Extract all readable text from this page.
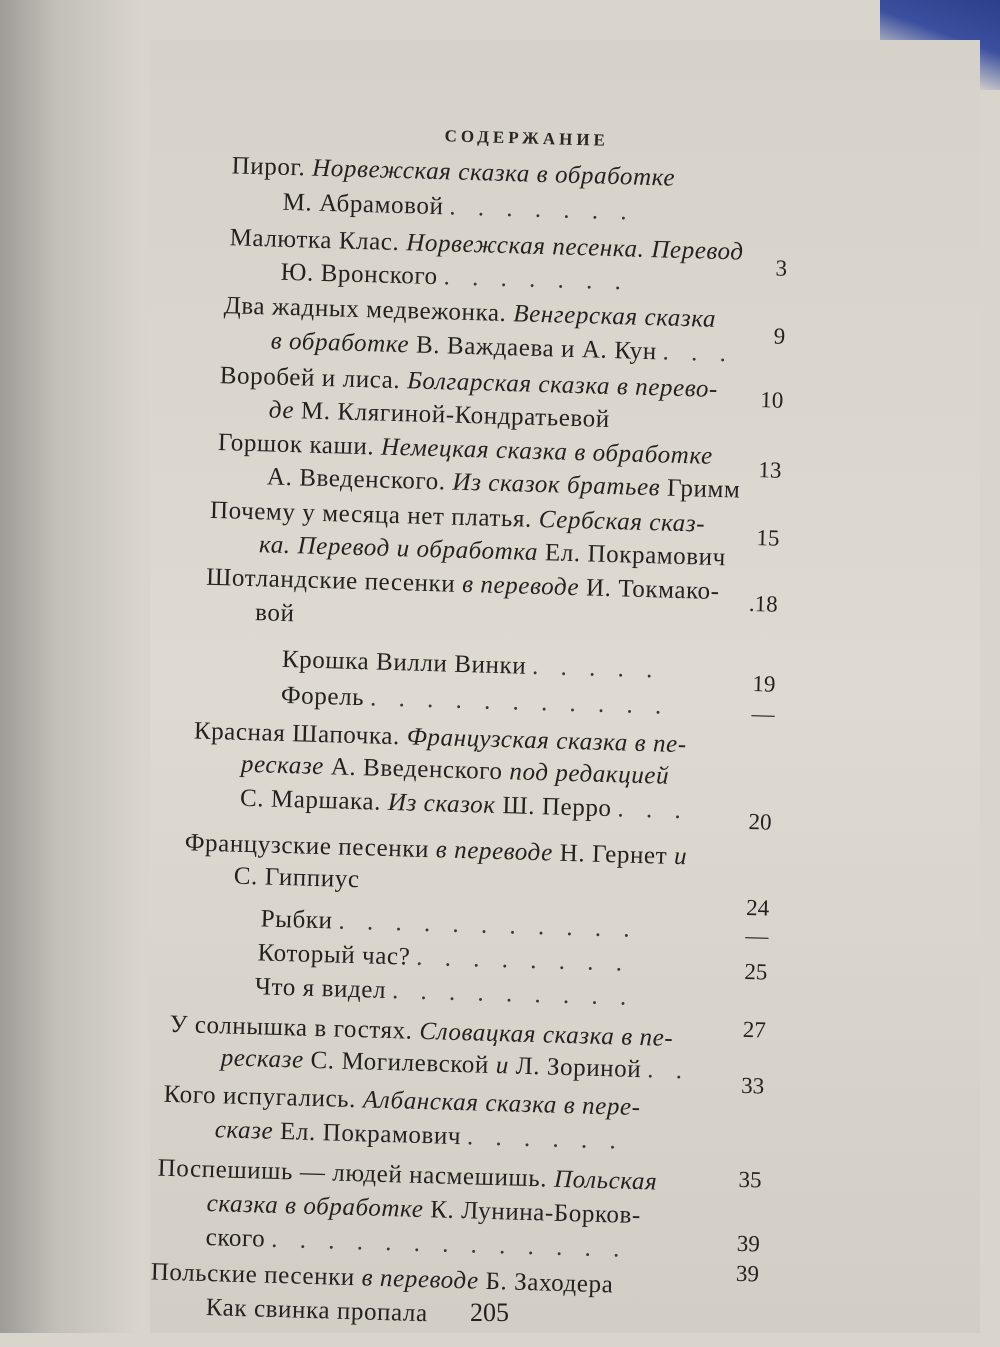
СОДЕРЖАНИЕ
Пирог. Норвежская сказка в обработке
М. Абрамовой . . . . . . .
Малютка Клас. Норвежская песенка. Перевод
Ю. Вронского . . . . . . .
Два жадных медвежонка. Венгерская сказка
в обработке В. Важдаева и А. Кун . . .
Воробей и лиса. Болгарская сказка в перево-
де М. Клягиной-Кондратьевой
Горшок каши. Немецкая сказка в обработке
А. Введенского. Из сказок братьев Гримм
Почему у месяца нет платья. Сербская сказ-
ка. Перевод и обработка Ел. Покрамович
Шотландские песенки в переводе И. Токмако-
вой
Крошка Вилли Винки . . . . .
Форель . . . . . . . . . . .
Красная Шапочка. Французская сказка в пе-
ресказе А. Введенского под редакцией
С. Маршака. Из сказок Ш. Перро . . .
Французские песенки в переводе Н. Гернет и
С. Гиппиус
Рыбки . . . . . . . . . . .
Который час? . . . . . . . .
Что я видел . . . . . . . . .
У солнышка в гостях. Словацкая сказка в пе-
ресказе С. Могилевской и Л. Зориной . .
Кого испугались. Албанская сказка в пере-
сказе Ел. Покрамович . . . . . .
Поспешишь — людей насмешишь. Польская
сказка в обработке К. Лунина-Борков-
ского . . . . . . . . . . . . .
Польские песенки в переводе Б. Заходера
Как свинка пропала
3
9
10
13
15
.18
19
—
20
24
—
25
27
33
35
39
39
205
